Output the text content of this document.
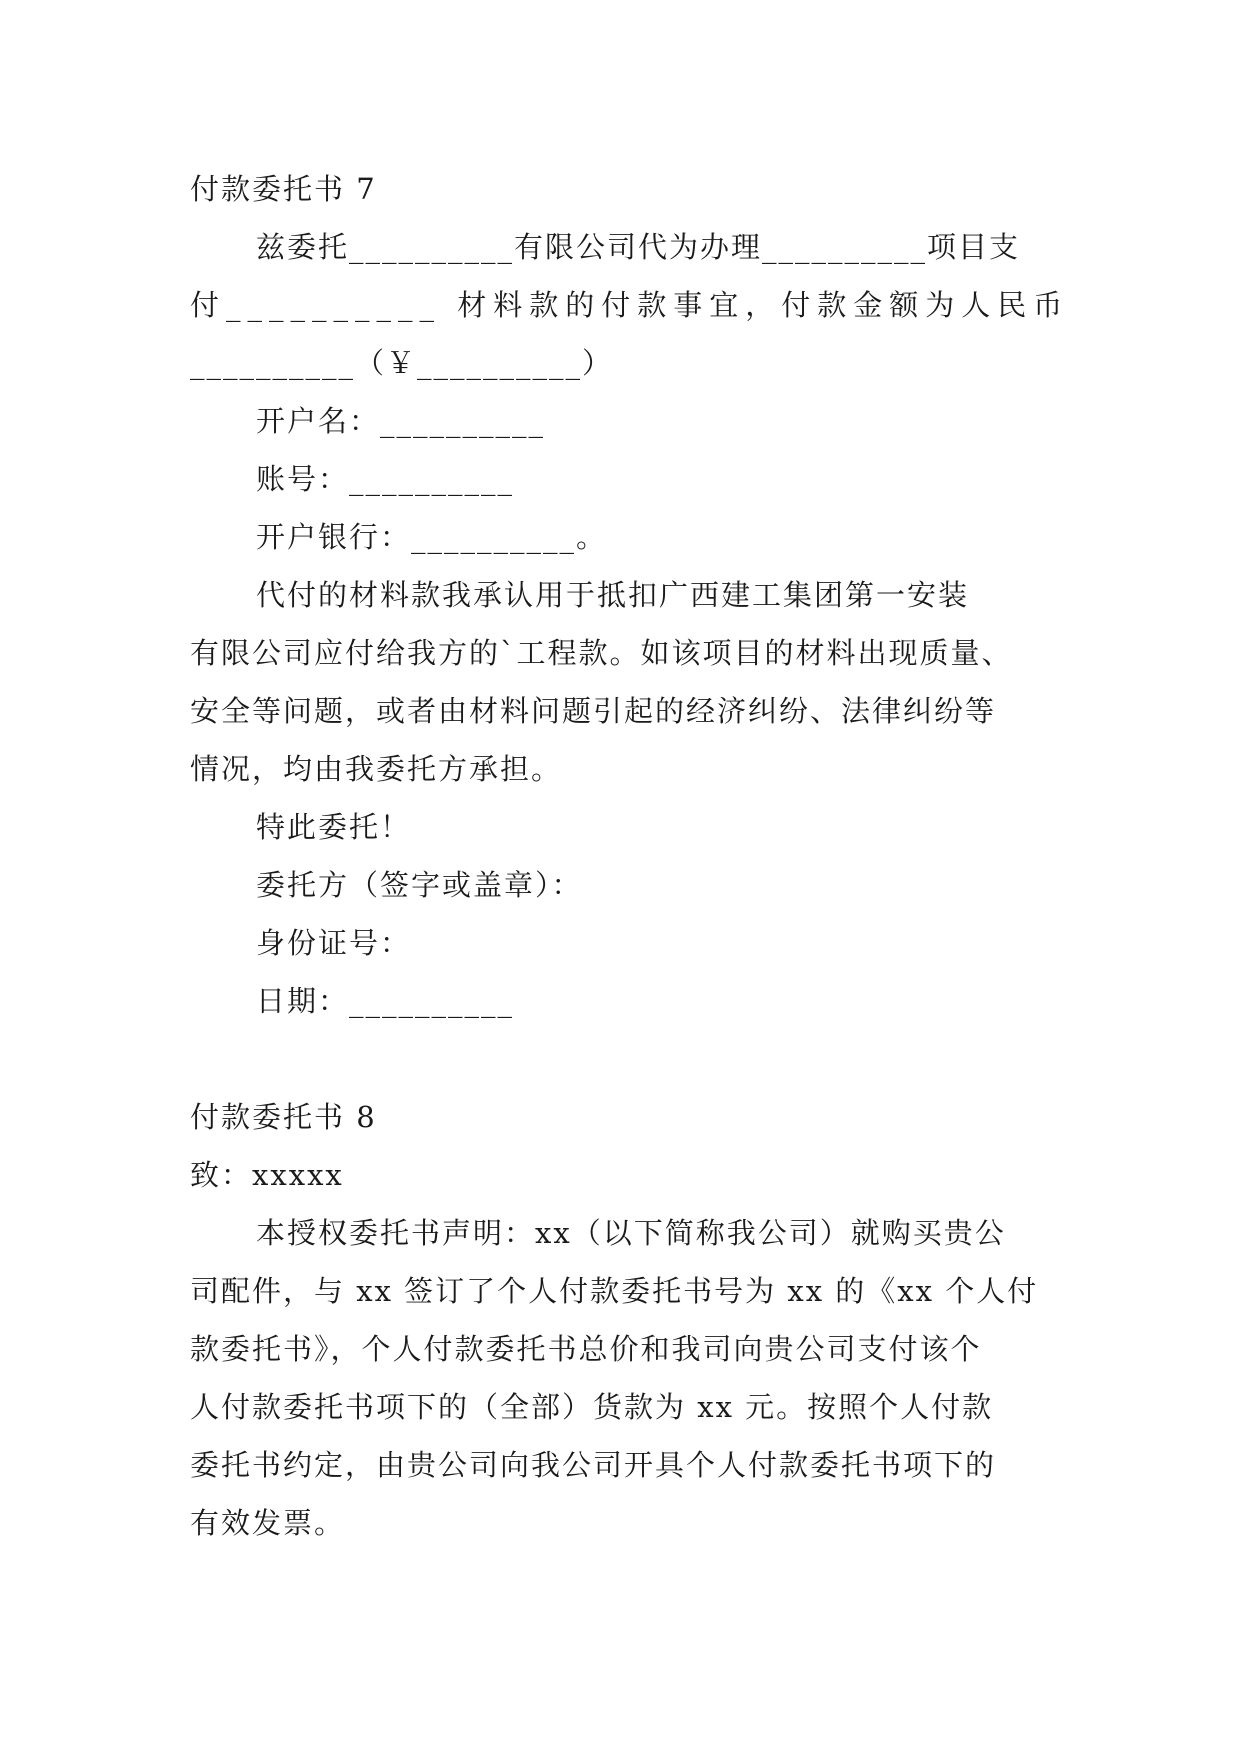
付款委托书 7
兹委托__________有限公司代为办理__________项目支
付__________ 材料款的付款事宜，付款金额为人民币
__________（￥__________）
开户名：__________
账号：__________
开户银行：__________。
代付的材料款我承认用于抵扣广西建工集团第一安装
有限公司应付给我方的`工程款。如该项目的材料出现质量、
安全等问题，或者由材料问题引起的经济纠纷、法律纠纷等
情况，均由我委托方承担。
特此委托！
委托方（签字或盖章）：
身份证号：
日期：__________
付款委托书 8
致：xxxxx
本授权委托书声明：xx（以下简称我公司）就购买贵公
司配件，与 xx 签订了个人付款委托书号为 xx 的《xx 个人付
款委托书》，个人付款委托书总价和我司向贵公司支付该个
人付款委托书项下的（全部）货款为 xx 元。按照个人付款
委托书约定，由贵公司向我公司开具个人付款委托书项下的
有效发票。
